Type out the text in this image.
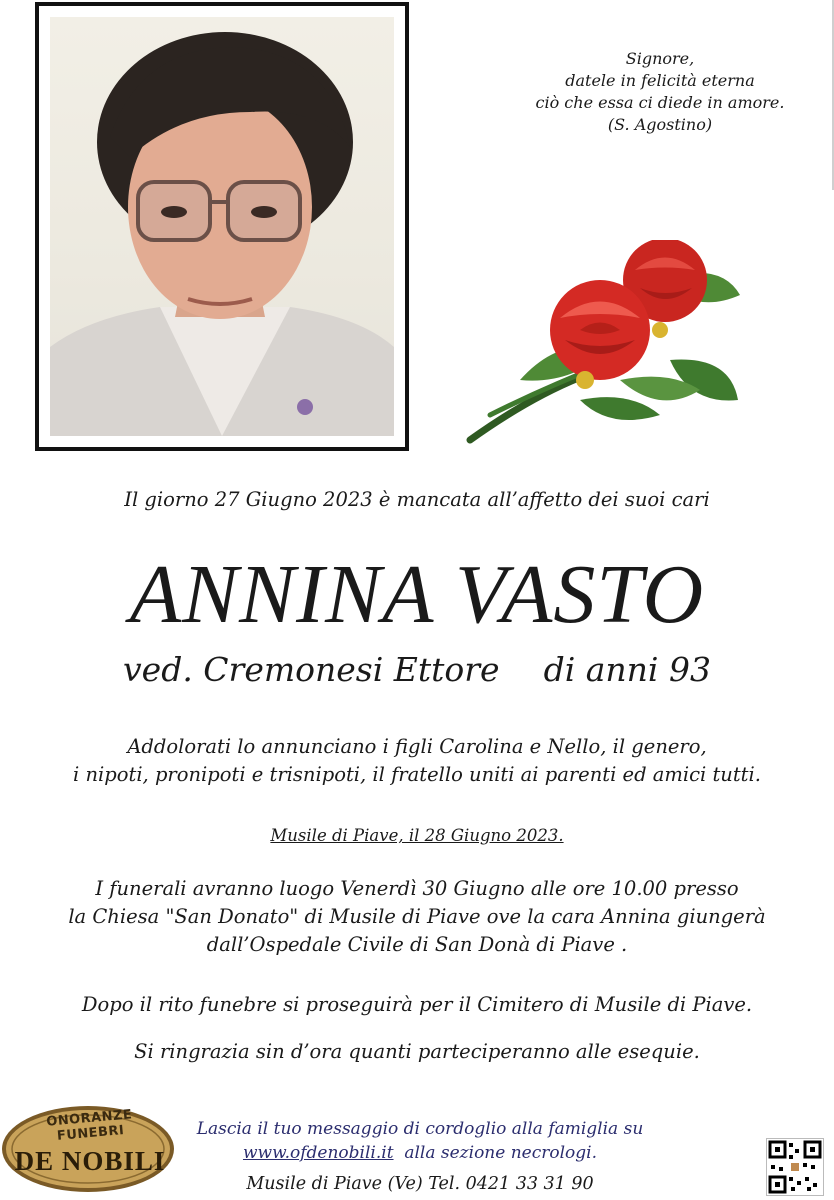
Signore,
datele in felicità eterna
ciò che essa ci diede in amore.
(S. Agostino)
Il giorno 27 Giugno 2023 è mancata all’affetto dei suoi cari
ANNINA VASTO
ved. Cremonesi Ettore di anni 93
Addolorati lo annunciano i figli Carolina e Nello, il genero,
i nipoti, pronipoti e trisnipoti, il fratello uniti ai parenti ed amici tutti.
Musile di Piave, il 28 Giugno 2023.
I funerali avranno luogo Venerdì 30 Giugno alle ore 10.00 presso
la Chiesa "San Donato" di Musile di Piave ove la cara Annina giungerà
dall’Ospedale Civile di San Donà di Piave .
Dopo il rito funebre si proseguirà per il Cimitero di Musile di Piave.
Si ringrazia sin d’ora quanti parteciperanno alle esequie.
ONORANZE FUNEBRI
DE NOBILI
Lascia il tuo messaggio di cordoglio alla famiglia su
www.ofdenobili.it alla sezione necrologi.
Musile di Piave (Ve) Tel. 0421 33 31 90
